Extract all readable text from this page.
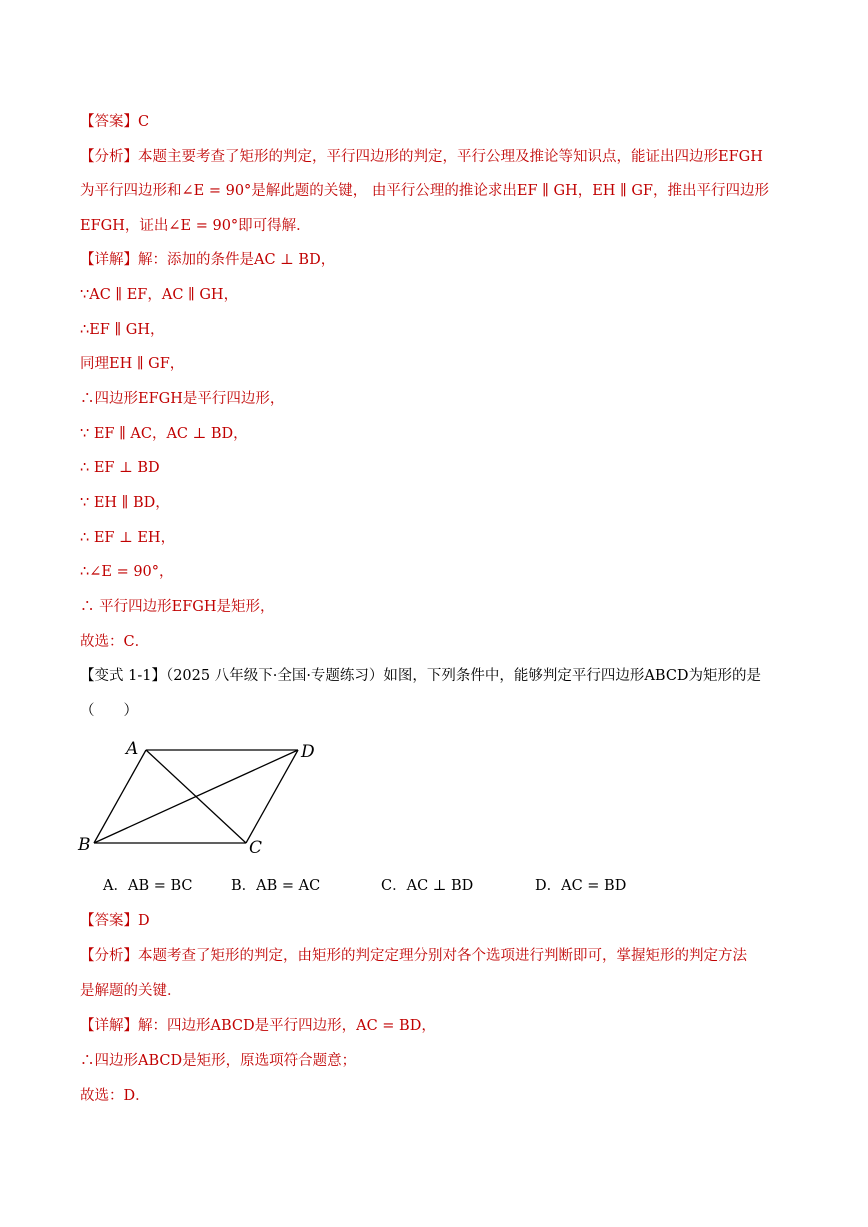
【答案】C
【分析】本题主要考查了矩形的判定，平行四边形的判定，平行公理及推论等知识点，能证出四边形EFGH
为平行四边形和∠E = 90°是解此题的关键， 由平行公理的推论求出EF ∥ GH，EH ∥ GF，推出平行四边形
EFGH，证出∠E = 90°即可得解．
【详解】解：添加的条件是AC ⊥ BD，
∵AC ∥ EF，AC ∥ GH，
∴EF ∥ GH，
同理EH ∥ GF，
∴四边形EFGH是平行四边形，
∵ EF ∥ AC，AC ⊥ BD，
∴ EF ⊥ BD
∵ EH ∥ BD，
∴ EF ⊥ EH，
∴∠E = 90°，
∴ 平行四边形EFGH是矩形，
故选：C．
【变式 1-1】（2025 八年级下·全国·专题练习）如图，下列条件中，能够判定平行四边形ABCD为矩形的是
（　　）
A	D
B	C
A．AB = BC	B．AB = AC	C．AC ⊥ BD	D．AC = BD
【答案】D
【分析】本题考查了矩形的判定，由矩形的判定定理分别对各个选项进行判断即可，掌握矩形的判定方法
是解题的关键．
【详解】解：四边形ABCD是平行四边形，AC = BD，
∴四边形ABCD是矩形，原选项符合题意；
故选：D．
